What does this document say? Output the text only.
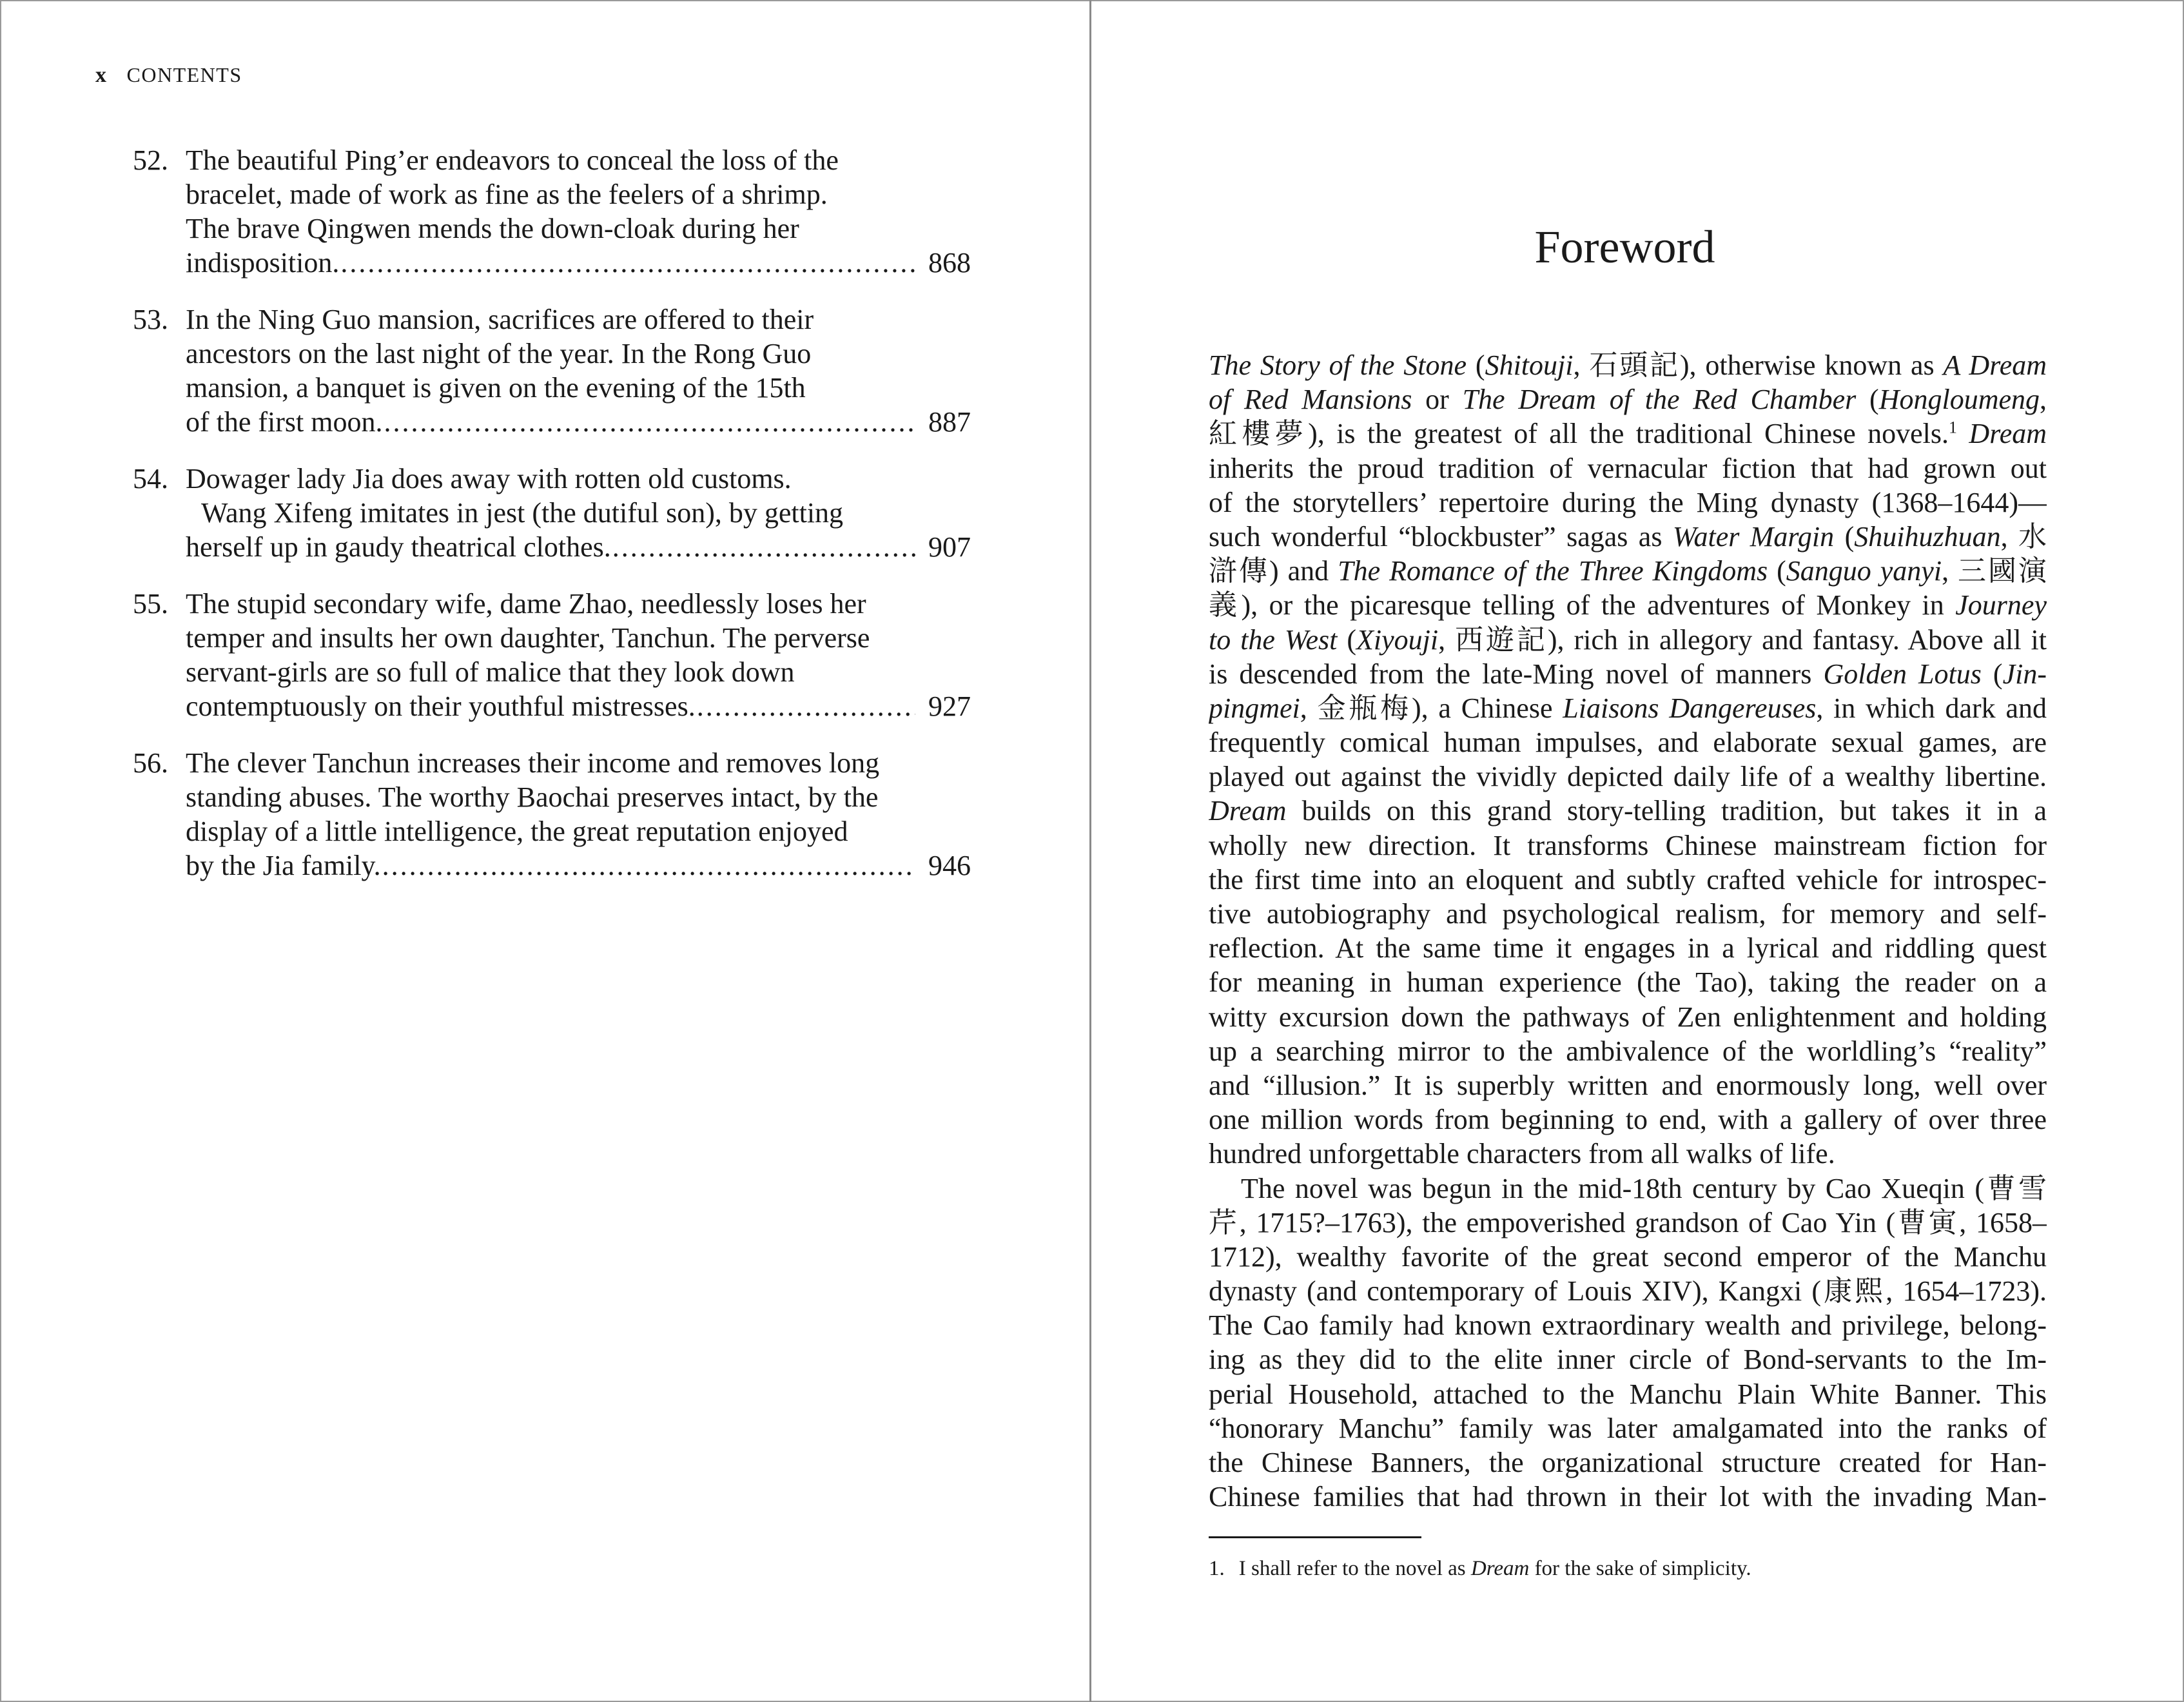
x CONTENTS
52. The beautiful Ping’er endeavors to conceal the loss of the
bracelet, made of work as fine as the feelers of a shrimp.
The brave Qingwen mends the down-cloak during her
indisposition. .....	868
53. In the Ning Guo mansion, sacrifices are offered to their
ancestors on the last night of the year. In the Rong Guo
mansion, a banquet is given on the evening of the 15th
of the first moon. .....	887
54. Dowager lady Jia does away with rotten old customs.
Wang Xifeng imitates in jest (the dutiful son), by getting
herself up in gaudy theatrical clothes. .....	907
55. The stupid secondary wife, dame Zhao, needlessly loses her
temper and insults her own daughter, Tanchun. The perverse
servant-girls are so full of malice that they look down
contemptuously on their youthful mistresses. .....	927
56. The clever Tanchun increases their income and removes long
standing abuses. The worthy Baochai preserves intact, by the
display of a little intelligence, the great reputation enjoyed
by the Jia family. .....	946
Foreword
The Story of the Stone (Shitouji, 石頭記), otherwise known as A Dream
of Red Mansions or The Dream of the Red Chamber (Hongloumeng,
紅樓夢), is the greatest of all the traditional Chinese novels.$^1$ Dream
inherits the proud tradition of vernacular fiction that had grown out
of the storytellers’ repertoire during the Ming dynasty (1368–1644)—
such wonderful “blockbuster” sagas as Water Margin (Shuihuzhuan, 水
滸傳) and The Romance of the Three Kingdoms (Sanguo yanyi, 三國演
義), or the picaresque telling of the adventures of Monkey in Journey
to the West (Xiyouji, 西遊記), rich in allegory and fantasy. Above all it
is descended from the late-Ming novel of manners Golden Lotus (Jin-
pingmei, 金瓶梅), a Chinese Liaisons Dangereuses, in which dark and
frequently comical human impulses, and elaborate sexual games, are
played out against the vividly depicted daily life of a wealthy libertine.
Dream builds on this grand story-telling tradition, but takes it in a
wholly new direction. It transforms Chinese mainstream fiction for
the first time into an eloquent and subtly crafted vehicle for introspec-
tive autobiography and psychological realism, for memory and self-
reflection. At the same time it engages in a lyrical and riddling quest
for meaning in human experience (the Tao), taking the reader on a
witty excursion down the pathways of Zen enlightenment and holding
up a searching mirror to the ambivalence of the worldling’s “reality”
and “illusion.” It is superbly written and enormously long, well over
one million words from beginning to end, with a gallery of over three
hundred unforgettable characters from all walks of life.
The novel was begun in the mid-18th century by Cao Xueqin (曹雪
芹, 1715?–1763), the empoverished grandson of Cao Yin (曹寅, 1658–
1712), wealthy favorite of the great second emperor of the Manchu
dynasty (and contemporary of Louis XIV), Kangxi (康熙, 1654–1723).
The Cao family had known extraordinary wealth and privilege, belong-
ing as they did to the elite inner circle of Bond-servants to the Im-
perial Household, attached to the Manchu Plain White Banner. This
“honorary Manchu” family was later amalgamated into the ranks of
the Chinese Banners, the organizational structure created for Han-
Chinese families that had thrown in their lot with the invading Man-
1. I shall refer to the novel as Dream for the sake of simplicity.
